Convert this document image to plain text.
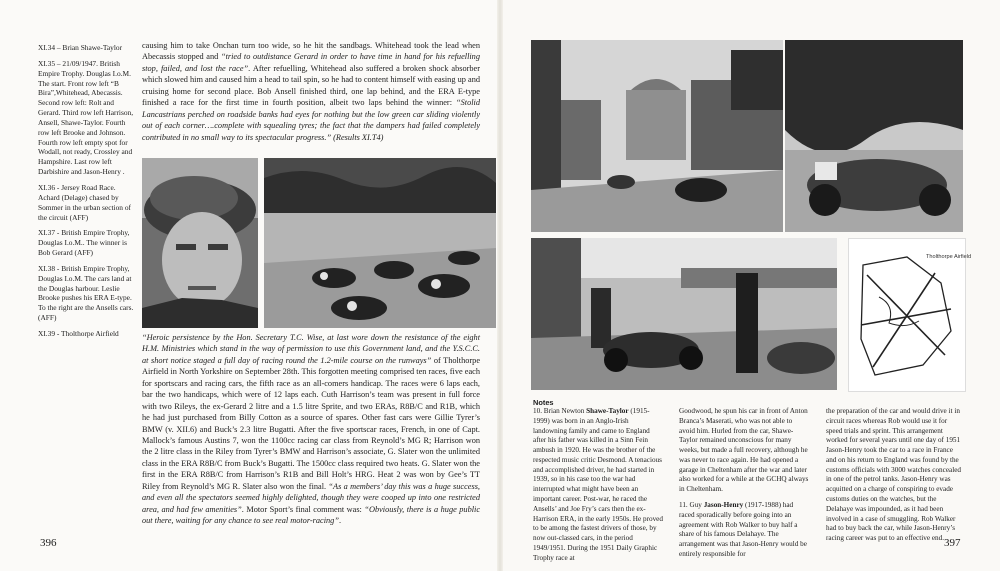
XI.34 – Brian Shawe-Taylor

XI.35 – 21/09/1947. British Empire Trophy. Douglas I.o.M. The start. Front row left “B Bira”,Whitehead, Abecassis. Second row left: Rolt and Gerard. Third row left Harrison, Ansell, Shawe-Taylor. Fourth row left Brooke and Johnson. Fourth row left empty spot for Wodall, not ready, Crossley and Hampshire. Last row left Darbishire and Jason-Henry .

XI.36 - Jersey Road Race. Achard (Delage) chased by Sommer in the urban section of the circuit (AFF)

XI.37 - British Empire Trophy, Douglas I.o.M.. The winner is Bob Gerard (AFF)

XI.38 - British Empire Trophy, Douglas I.o.M. The cars land at the Douglas harbour. Leslie Brooke pushes his ERA E-type. To the right are the Ansells cars. (AFF)

XI.39 - Tholthorpe Airfield

causing him to take Onchan turn too wide, so he hit the sandbags. Whitehead took the lead when Abecassis stopped and “tried to outdistance Gerard in order to have time in hand for his refuelling stop, failed, and lost the race”. After refuelling, Whitehead also suffered a broken shock absorber which slowed him and caused him a head to tail spin, so he had to content himself with easing up and cruising home for second place. Bob Ansell finished third, one lap behind, and the ERA E-type finished a race for the first time in fourth position, albeit two laps behind the winner: “Stolid Lancastrians perched on roadside banks had eyes for nothing but the low green car sliding violently out of each corner….complete with squealing tyres; the fact that the dampers had failed completely contributed in no small way to its spectacular progress.” (Results XI.T4)

“Heroic persistence by the Hon. Secretary T.C. Wise, at last wore down the resistance of the eight H.M. Ministries which stand in the way of permission to use this Government land, and the Y.S.C.C. at short notice staged a full day of racing round the 1.2-mile course on the runways” of Tholthorpe Airfield in North Yorkshire on September 28th. This forgotten meeting comprised ten races, five each for sportscars and racing cars, the fifth race as an all-comers handicap. The races were 6 laps each, bar the two handicaps, which were of 12 laps each. Cuth Harrison’s team was present in full force with two Rileys, the ex-Gerard 2 litre and a 1.5 litre Sprite, and two ERAs, R8B/C and R1B, which he had just purchased from Billy Cotton as a source of spares. Other fast cars were Gillie Tyrer’s BMW (v. XII.6) and Buck’s 2.3 litre Bugatti. After the five sportscar races, French, in one of Capt. Mallock’s famous Austins 7, won the 1100cc racing car class from Reynold’s MG R; Harrison won the 2 litre class in the Riley from Tyrer’s BMW and Harrison’s associate, G. Slater won the unlimited class in the ERA R8B/C from Buck’s Bugatti. The 1500cc class required two heats. G. Slater won the first in the ERA R8B/C from Harrison’s R1B and Bill Holt’s HRG. Heat 2 was won by Gee’s TT Riley from Reynold’s MG R. Slater also won the final. “As a members’ day this was a huge success, and even all the spectators seemed highly delighted, though they were cooped up into one restricted area, and had few amenities”. Motor Sport’s final comment was: “Obviously, there is a huge public out there, waiting for any chance to see real motor-racing”.

396
Tholthorpe Airfield
Notes

10. Brian Newton Shawe-Taylor (1915-1999) was born in an Anglo-Irish landowning family and came to England after his father was killed in a Sinn Fein ambush in 1920. He was the brother of the respected music critic Desmond. A tenacious and accomplished driver, he had started in 1939, so in his case too the war had interrupted what might have been an important career. Post-war, he raced the Ansells’ and Joe Fry’s cars then the ex-Harrison ERA, in the early 1950s. He proved to be among the fastest drivers of those, by now out-classed cars, in the period 1949/1951. During the 1951 Daily Graphic Trophy race at

Goodwood, he spun his car in front of Anton Branca’s Maserati, who was not able to avoid him. Hurled from the car, Shawe-Taylor remained unconscious for many weeks, but made a full recovery, although he was never to race again. He had opened a garage in Cheltenham after the war and later also worked for a while at the GCHQ always in Cheltenham.

11. Guy Jason-Henry (1917-1988) had raced sporadically before going into an agreement with Rob Walker to buy half a share of his famous Delahaye. The arrangement was that Jason-Henry would be entirely responsible for

the preparation of the car and would drive it in circuit races whereas Rob would use it for speed trials and sprint. This arrangement worked for several years until one day of 1951 Jason-Henry took the car to a race in France and on his return to England was found by the customs officials with 3000 watches concealed in one of the petrol tanks. Jason-Henry was acquitted on a charge of conspiring to evade customs duties on the watches, but the Delahaye was impounded, as it had been involved in a case of smuggling. Rob Walker had to buy back the car, while Jason-Henry’s racing career was put to an effective end. 397
